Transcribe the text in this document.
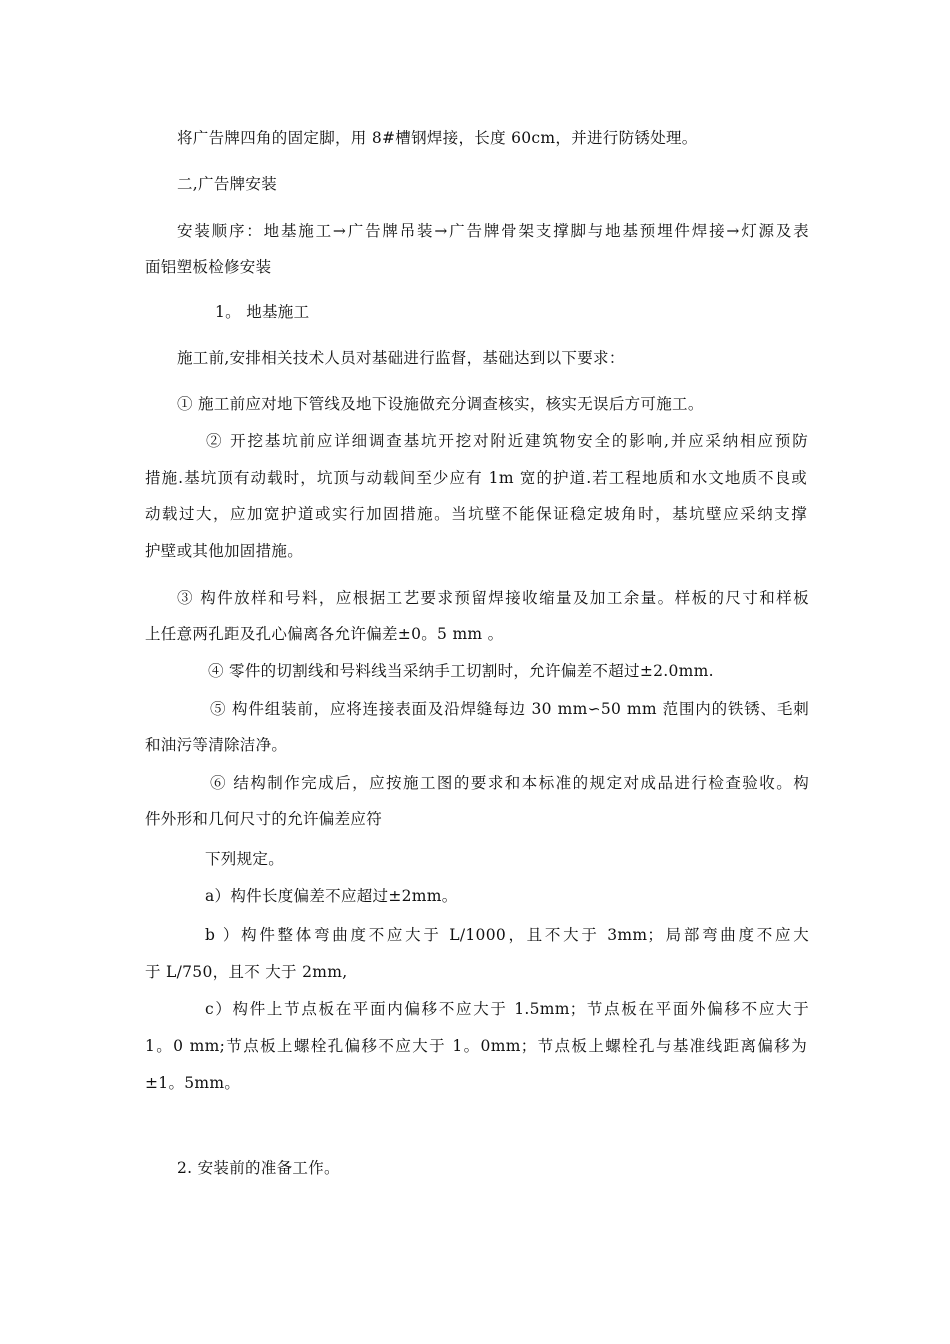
将广告牌四角的固定脚，用 8#槽钢焊接，长度 60cm，并进行防锈处理。
二,广告牌安装
安装顺序：地基施工→广告牌吊装→广告牌骨架支撑脚与地基预埋件焊接→灯源及表
面铝塑板检修安装
1。 地基施工
施工前,安排相关技术人员对基础进行监督，基础达到以下要求：
① 施工前应对地下管线及地下设施做充分调查核实，核实无误后方可施工。
② 开挖基坑前应详细调查基坑开挖对附近建筑物安全的影响,并应采纳相应预防
措施.基坑顶有动载时，坑顶与动载间至少应有 1m 宽的护道.若工程地质和水文地质不良或
动载过大，应加宽护道或实行加固措施。当坑壁不能保证稳定坡角时，基坑壁应采纳支撑
护壁或其他加固措施。
③ 构件放样和号料，应根据工艺要求预留焊接收缩量及加工余量。样板的尺寸和样板
上任意两孔距及孔心偏离各允许偏差±0。5 mm 。
④ 零件的切割线和号料线当采纳手工切割时，允许偏差不超过±2.0mm.
⑤ 构件组装前，应将连接表面及沿焊缝每边 30 mm∽50 mm 范围内的铁锈、毛刺
和油污等清除洁净。
⑥ 结构制作完成后，应按施工图的要求和本标准的规定对成品进行检查验收。构
件外形和几何尺寸的允许偏差应符
下列规定。
a）构件长度偏差不应超过±2mm。
b ）构件整体弯曲度不应大于 L/1000，且不大于 3mm；局部弯曲度不应大
于 L/750，且不 大于 2mm,
c）构件上节点板在平面内偏移不应大于 1.5mm；节点板在平面外偏移不应大于
1。0 mm;节点板上螺栓孔偏移不应大于 1。0mm；节点板上螺栓孔与基准线距离偏移为
±1。5mm。
2. 安装前的准备工作。
